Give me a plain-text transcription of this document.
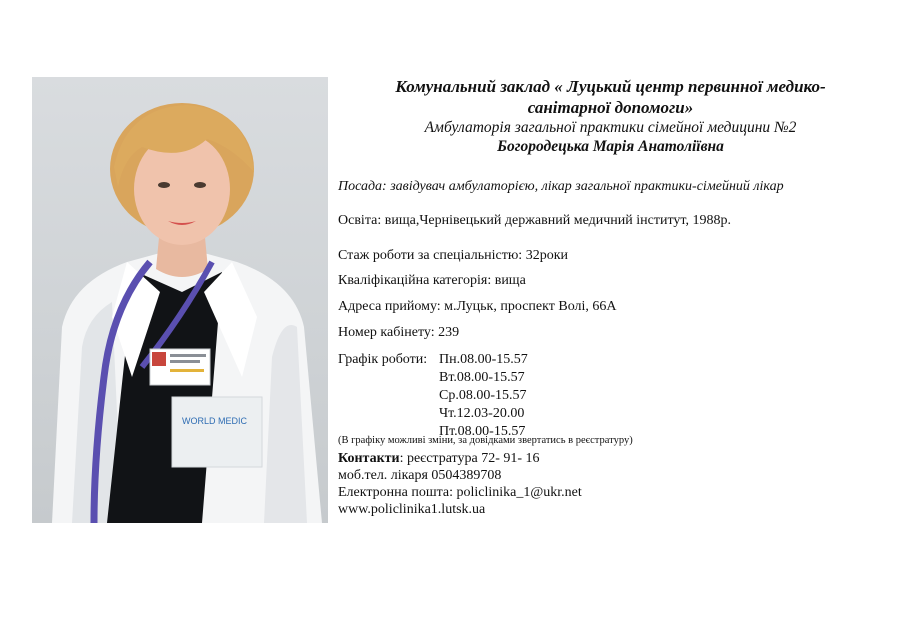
WORLD MEDIC

Комунальний заклад « Луцький центр первинної медико-

санітарної допомоги»

Амбулаторія загальної практики сімейної медицини №2

Богородецька Марія Анатоліївна

Посада: завідувач амбулаторією, лікар загальної практики-сімейний лікар
Освіта: вища,Чернівецький державний медичний інститут, 1988р.
Стаж роботи за спеціальністю: 32роки
Кваліфікаційна категорія: вища
Адреса прийому: м.Луцьк, проспект Волі, 66А
Номер кабінету: 239
Графік роботи: Пн.08.00-15.57
Вт.08.00-15.57
Ср.08.00-15.57
Чт.12.03-20.00
Пт.08.00-15.57
(В графіку можливі зміни, за довідками звертатись в реєстратуру)
Контакти: реєстратура 72- 91- 16
моб.тел. лікаря 0504389708
Електронна пошта: policlinika_1@ukr.net
www.policlinika1.lutsk.ua
